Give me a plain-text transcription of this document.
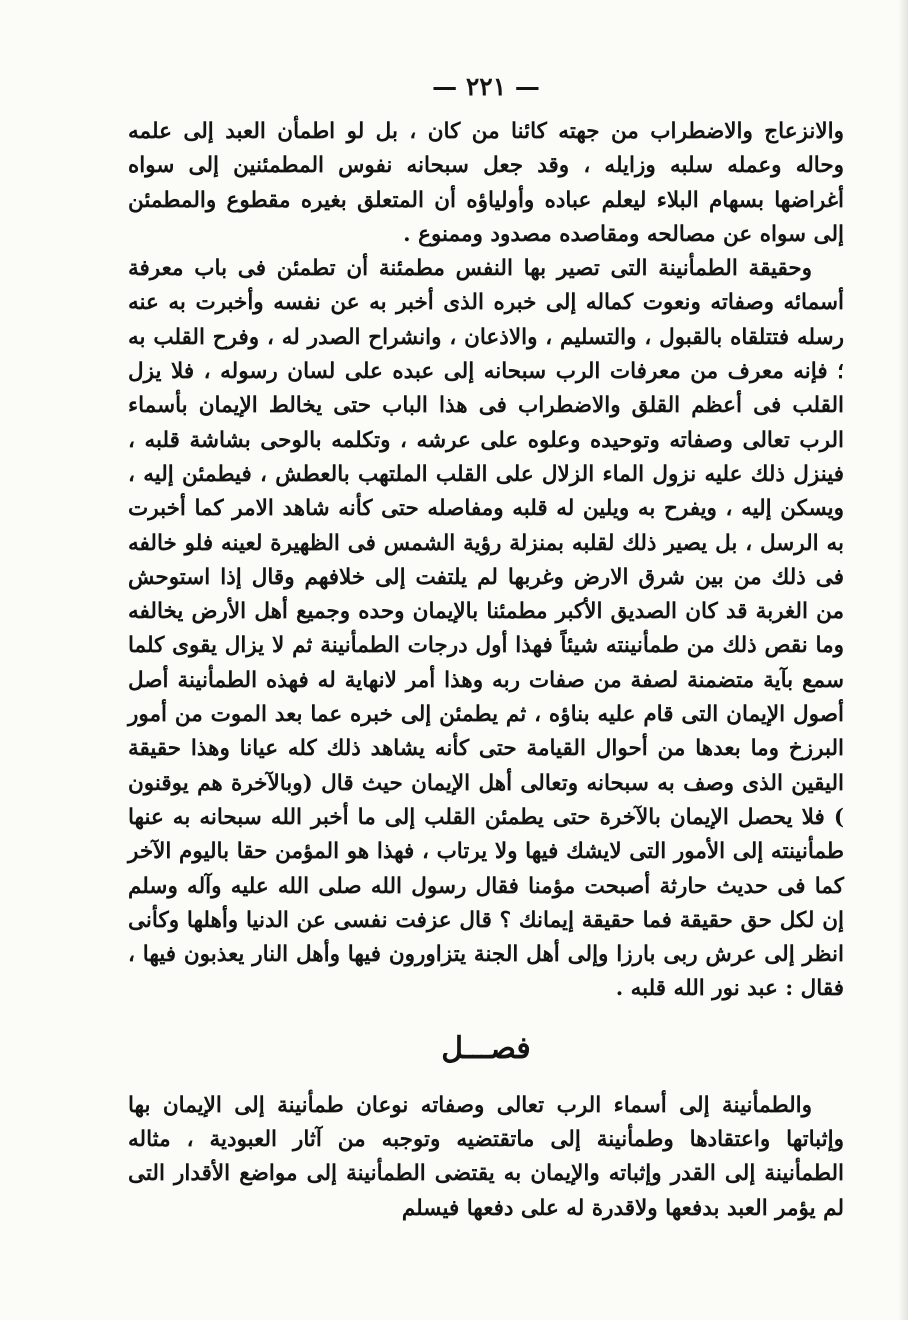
— ٢٢١ —

والانزعاج والاضطراب من جهته كائنا من كان ، بل لو اطمأن العبد إلى علمه وحاله وعمله سلبه وزايله ، وقد جعل سبحانه نفوس المطمئنين إلى سواه أغراضها بسهام البلاء ليعلم عباده وأولياؤه أن المتعلق بغيره مقطوع والمطمئن إلى سواه عن مصالحه ومقاصده مصدود وممنوع .

وحقيقة الطمأنينة التى تصير بها النفس مطمئنة أن تطمئن فى باب معرفة أسمائه وصفاته ونعوت كماله إلى خبره الذى أخبر به عن نفسه وأخبرت به عنه رسله فتتلقاه بالقبول ، والتسليم ، والاذعان ، وانشراح الصدر له ، وفرح القلب به ؛ فإنه معرف من معرفات الرب سبحانه إلى عبده على لسان رسوله ، فلا يزل القلب فى أعظم القلق والاضطراب فى هذا الباب حتى يخالط الإيمان بأسماء الرب تعالى وصفاته وتوحيده وعلوه على عرشه ، وتكلمه بالوحى بشاشة قلبه ، فينزل ذلك عليه نزول الماء الزلال على القلب الملتهب بالعطش ، فيطمئن إليه ، ويسكن إليه ، ويفرح به ويلين له قلبه ومفاصله حتى كأنه شاهد الامر كما أخبرت به الرسل ، بل يصير ذلك لقلبه بمنزلة رؤية الشمس فى الظهيرة لعينه فلو خالفه فى ذلك من بين شرق الارض وغربها لم يلتفت إلى خلافهم وقال إذا استوحش من الغربة قد كان الصديق الأكبر مطمئنا بالإيمان وحده وجميع أهل الأرض يخالفه وما نقص ذلك من طمأنينته شيئاً فهذا أول درجات الطمأنينة ثم لا يزال يقوى كلما سمع بآية متضمنة لصفة من صفات ربه وهذا أمر لانهاية له فهذه الطمأنينة أصل أصول الإيمان التى قام عليه بناؤه ، ثم يطمئن إلى خبره عما بعد الموت من أمور البرزخ وما بعدها من أحوال القيامة حتى كأنه يشاهد ذلك كله عيانا وهذا حقيقة اليقين الذى وصف به سبحانه وتعالى أهل الإيمان حيث قال (وبالآخرة هم يوقنون ) فلا يحصل الإيمان بالآخرة حتى يطمئن القلب إلى ما أخبر الله سبحانه به عنها طمأنينته إلى الأمور التى لايشك فيها ولا يرتاب ، فهذا هو المؤمن حقا باليوم الآخر كما فى حديث حارثة أصبحت مؤمنا فقال رسول الله صلى الله عليه وآله وسلم إن لكل حق حقيقة فما حقيقة إيمانك ؟ قال عزفت نفسى عن الدنيا وأهلها وكأنى انظر إلى عرش ربى بارزا وإلى أهل الجنة يتزاورون فيها وأهل النار يعذبون فيها ، فقال : عبد نور الله قلبه .

فصـــل

والطمأنينة إلى أسماء الرب تعالى وصفاته نوعان طمأنينة إلى الإيمان بها وإثباتها واعتقادها وطمأنينة إلى ماتقتضيه وتوجبه من آثار العبودية ، مثاله الطمأنينة إلى القدر وإثباته والإيمان به يقتضى الطمأنينة إلى مواضع الأقدار التى لم يؤمر العبد بدفعها ولاقدرة له على دفعها فيسلم
